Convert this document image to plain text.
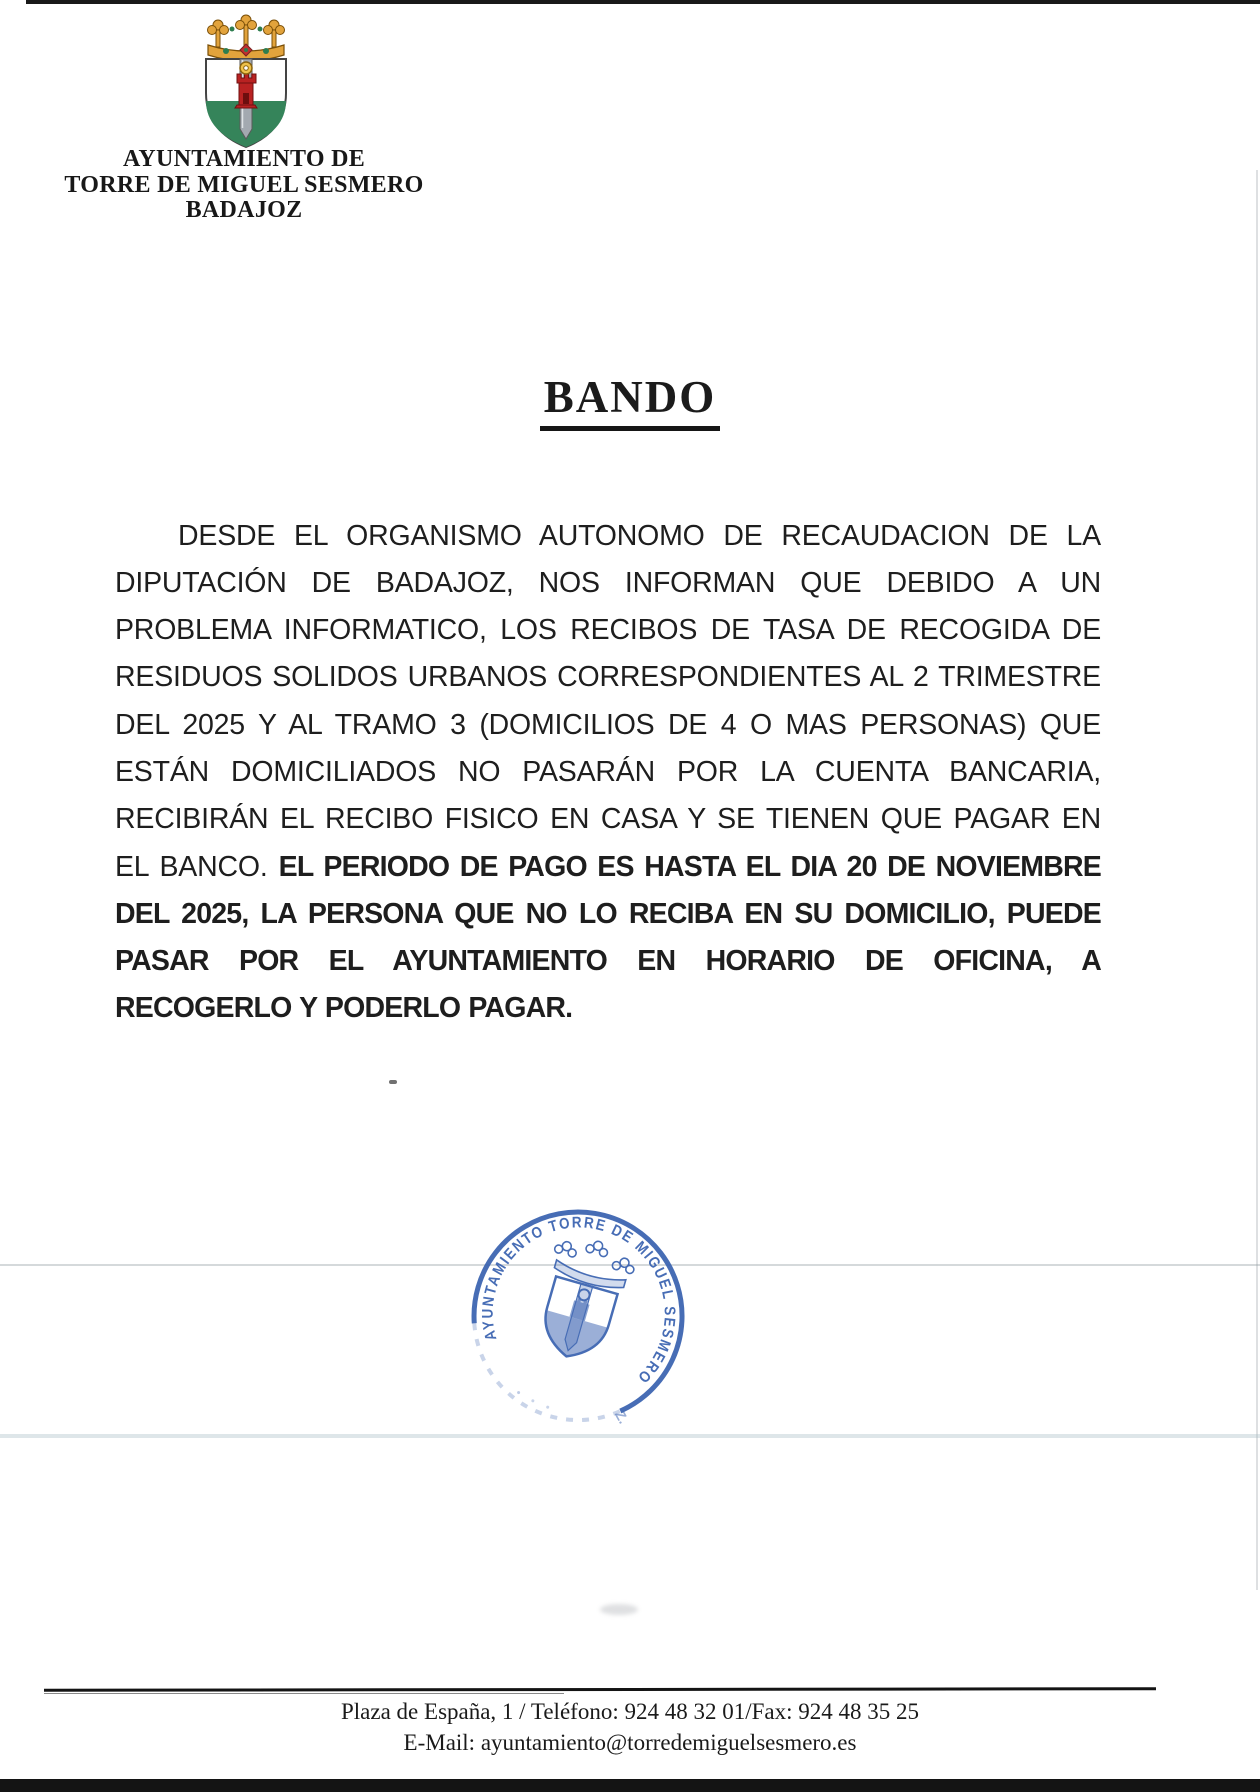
AYUNTAMIENTO DE
TORRE DE MIGUEL SESMERO
BADAJOZ
BANDO

DESDE EL ORGANISMO AUTONOMO DE RECAUDACION DE LA DIPUTACIÓN DE BADAJOZ, NOS INFORMAN QUE DEBIDO A UN PROBLEMA INFORMATICO, LOS RECIBOS DE TASA DE RECOGIDA DE RESIDUOS SOLIDOS URBANOS CORRESPONDIENTES AL 2 TRIMESTRE DEL 2025 Y AL TRAMO 3 (DOMICILIOS DE 4 O MAS PERSONAS) QUE ESTÁN DOMICILIADOS NO PASARÁN POR LA CUENTA BANCARIA, RECIBIRÁN EL RECIBO FISICO EN CASA Y SE TIENEN QUE PAGAR EN EL BANCO. EL PERIODO DE PAGO ES HASTA EL DIA 20 DE NOVIEMBRE DEL 2025, LA PERSONA QUE NO LO RECIBA EN SU DOMICILIO, PUEDE PASAR POR EL AYUNTAMIENTO EN HORARIO DE OFICINA, A RECOGERLO Y PODERLO PAGAR.

AYUNTAMIENTO TORRE DE MIGUEL SESMERO
Z.
Plaza de España, 1 / Teléfono: 924 48 32 01/Fax: 924 48 35 25
E-Mail: ayuntamiento@torredemiguelsesmero.es
